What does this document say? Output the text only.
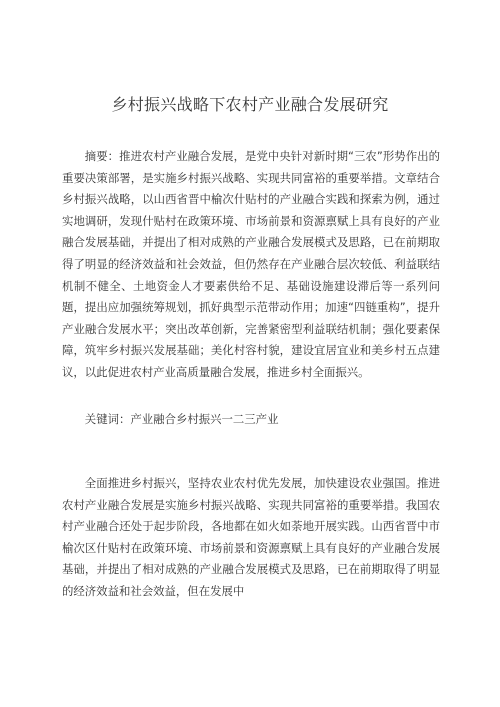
乡村振兴战略下农村产业融合发展研究
摘要：推进农村产业融合发展，是党中央针对新时期“三农”形势作出的重要决策部署，是实施乡村振兴战略、实现共同富裕的重要举措。文章结合乡村振兴战略，以山西省晋中榆次什贴村的产业融合实践和探索为例，通过实地调研，发现什贴村在政策环境、市场前景和资源禀赋上具有良好的产业融合发展基础，并提出了相对成熟的产业融合发展模式及思路，已在前期取得了明显的经济效益和社会效益，但仍然存在产业融合层次较低、利益联结机制不健全、土地资金人才要素供给不足、基础设施建设滞后等一系列问题，提出应加强统筹规划，抓好典型示范带动作用；加速“四链重构”，提升产业融合发展水平；突出改革创新，完善紧密型利益联结机制；强化要素保障，筑牢乡村振兴发展基础；美化村容村貌，建设宜居宜业和美乡村五点建议，以此促进农村产业高质量融合发展，推进乡村全面振兴。
关键词：产业融合乡村振兴一二三产业
全面推进乡村振兴，坚持农业农村优先发展，加快建设农业强国。推进农村产业融合发展是实施乡村振兴战略、实现共同富裕的重要举措。我国农村产业融合还处于起步阶段，各地都在如火如荼地开展实践。山西省晋中市榆次区什贴村在政策环境、市场前景和资源禀赋上具有良好的产业融合发展基础，并提出了相对成熟的产业融合发展模式及思路，已在前期取得了明显的经济效益和社会效益，但在发展中
